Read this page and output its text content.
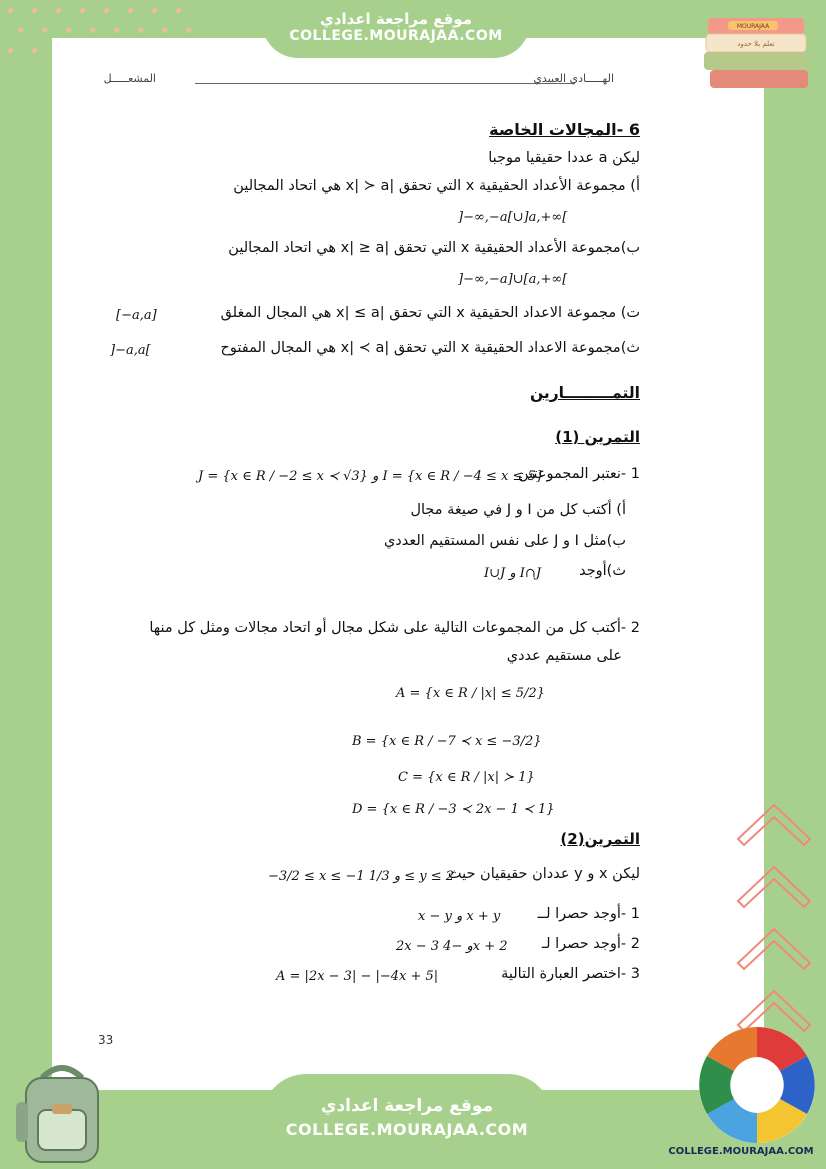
موقع مراجعة اعدادي
COLLEGE.MOURAJAA.COM
MOURAJAA
تعلم بلا حدود
الهـــــادي العبيدي
المشعـــــل
6 -المجالات الخاصة
ليكن a عددا حقيقيا موجبا
أ) مجموعة الأعداد الحقيقية x التي تحقق |x| ≻ a هي اتحاد المجالين
]−∞,−a[∪]a,+∞[
ب)مجموعة الأعداد الحقيقية x التي تحقق |x| ≥ a هي اتحاد المجالين
]−∞,−a]∪[a,+∞[
ت) مجموعة الاعداد الحقيقية x التي تحقق |x| ≤ a هي المجال المغلق
[−a,a]
ث)مجموعة الاعداد الحقيقية x التي تحقق |x| ≺ a هي المجال المفتوح
]−a,a[
التمـــــــــارين
التمرين (1)
1 -نعتبر المجموعتين
J = {x ∈ R / −2 ≤ x ≺ √3} و I = {x ∈ R / −4 ≤ x ≤ 5}
أ) أكتب كل من I و J في صيغة مجال
ب)مثل I و J على نفس المستقيم العددي
ث)أوجد
I∪J و I∩J
2 -أكتب كل من المجموعات التالية على شكل مجال أو اتحاد مجالات ومثل كل منها
على مستقيم عددي
A = {x ∈ R / |x| ≤ 5/2}
B = {x ∈ R / −7 ≺ x ≤ −3/2}
C = {x ∈ R / |x| ≻ 1}
D = {x ∈ R / −3 ≺ 2x − 1 ≺ 1}
التمرين(2)
ليكن x و y عددان حقيقيان حيث
−3/2 ≤ x ≤ −1 و 1/3 ≤ y ≤ 2
1 -أوجد حصرا لــ
x − y و x + y
2 -أوجد حصرا لـ
2x − 3 و −4x + 2
3 -اختصر العبارة التالية
A = |2x − 3| − |−4x + 5|
33
موقع مراجعة اعدادي
COLLEGE.MOURAJAA.COM
COLLEGE.MOURAJAA.COM
